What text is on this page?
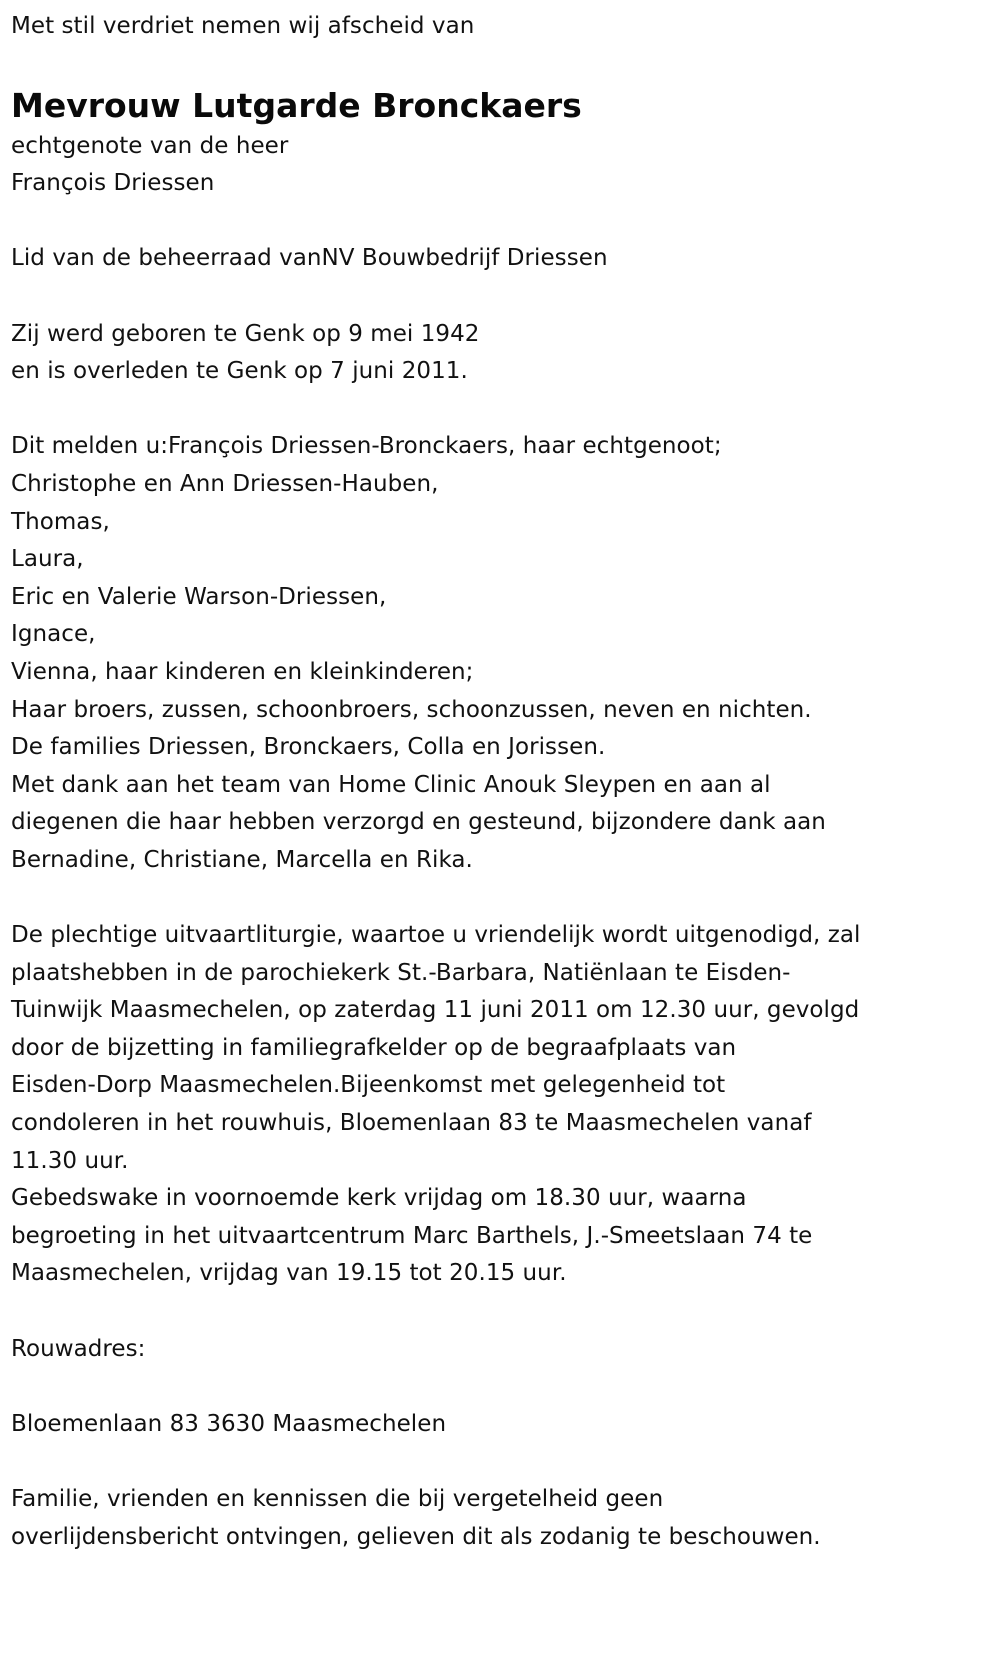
Met stil verdriet nemen wij afscheid van
Mevrouw Lutgarde Bronckaers
echtgenote van de heer
François Driessen
Lid van de beheerraad vanNV Bouwbedrijf Driessen
Zij werd geboren te Genk op 9 mei 1942
en is overleden te Genk op 7 juni 2011.
Dit melden u:François Driessen-Bronckaers, haar echtgenoot;
Christophe en Ann Driessen-Hauben,
Thomas,
Laura,
Eric en Valerie Warson-Driessen,
Ignace,
Vienna, haar kinderen en kleinkinderen;
Haar broers, zussen, schoonbroers, schoonzussen, neven en nichten.
De families Driessen, Bronckaers, Colla en Jorissen.
Met dank aan het team van Home Clinic Anouk Sleypen en aan al
diegenen die haar hebben verzorgd en gesteund, bijzondere dank aan
Bernadine, Christiane, Marcella en Rika.
De plechtige uitvaartliturgie, waartoe u vriendelijk wordt uitgenodigd, zal
plaatshebben in de parochiekerk St.-Barbara, Natiënlaan te Eisden-
Tuinwijk Maasmechelen, op zaterdag 11 juni 2011 om 12.30 uur, gevolgd
door de bijzetting in familiegrafkelder op de begraafplaats van
Eisden-Dorp Maasmechelen.Bijeenkomst met gelegenheid tot
condoleren in het rouwhuis, Bloemenlaan 83 te Maasmechelen vanaf
11.30 uur.
Gebedswake in voornoemde kerk vrijdag om 18.30 uur, waarna
begroeting in het uitvaartcentrum Marc Barthels, J.-Smeetslaan 74 te
Maasmechelen, vrijdag van 19.15 tot 20.15 uur.
Rouwadres:
Bloemenlaan 83 3630 Maasmechelen
Familie, vrienden en kennissen die bij vergetelheid geen
overlijdensbericht ontvingen, gelieven dit als zodanig te beschouwen.
